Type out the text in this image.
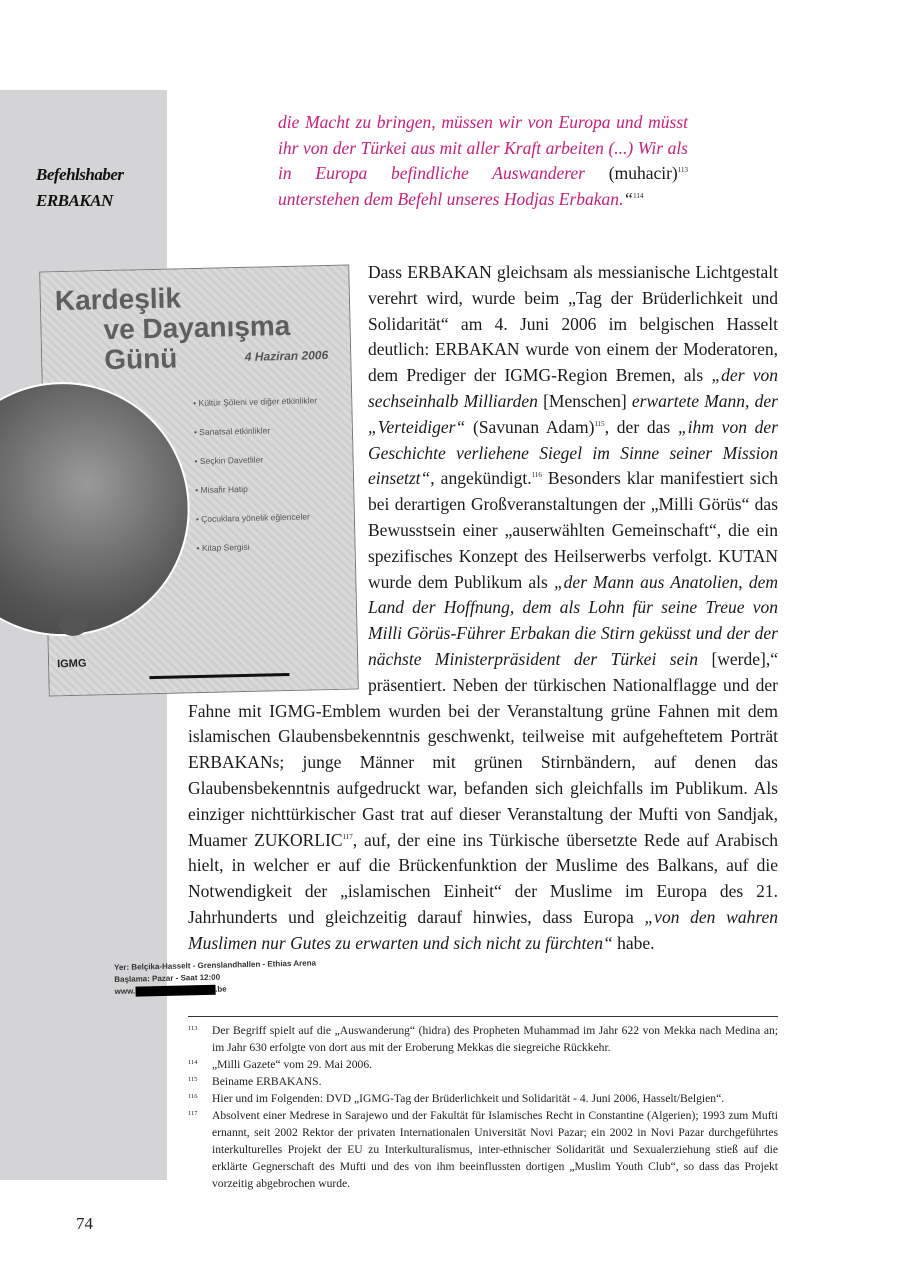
Befehlshaber
ERBAKAN
die Macht zu bringen, müssen wir von Europa und müsst ihr von der Türkei aus mit aller Kraft arbeiten (...) Wir als in Europa befindliche Auswanderer (muhacir)$^{113}$ unterstehen dem Befehl unseres Hodjas Erbakan.“$^{114}$
Kardeşlik
ve Dayanışma Günü	4 Haziran 2006
• Kültür Şöleni ve diğer etkinlikler
• Sanatsal etkinlikler
• Seçkin Davetliler
• Misafir Hatip
• Çocuklara yönelik eğlenceler
• Kitap Sergisi
Yer: Belçika-Hasselt - Grenslandhallen - Ethias Arena
Başlama: Pazar - Saat 12:00
www.	.be
IGMG
Dass ERBAKAN gleichsam als messianische Lichtgestalt verehrt wird, wurde beim „Tag der Brüderlichkeit und Solidarität“ am 4. Juni 2006 im belgischen Hasselt deutlich: ERBAKAN wurde von einem der Moderatoren, dem Prediger der IGMG-Region Bremen, als „der von sechseinhalb Milliarden [Menschen] erwartete Mann, der „Verteidiger“ (Savunan Adam)$^{115}$, der das „ihm von der Geschichte verliehene Siegel im Sinne seiner Mission einsetzt“, angekündigt.$^{116}$ Besonders klar manifestiert sich bei derartigen Großveranstaltungen der „Milli Görüs“ das Bewusstsein einer „auserwählten Gemeinschaft“, die ein spezifisches Konzept des Heilserwerbs verfolgt. KUTAN wurde dem Publikum als „der Mann aus Anatolien, dem Land der Hoffnung, dem als Lohn für seine Treue von Milli Görüs-Führer Erbakan die Stirn geküsst und der der nächste Ministerpräsident der Türkei sein [werde],“ präsentiert. Neben der türkischen Nationalflagge und der Fahne mit IGMG-Emblem wurden bei der Veranstaltung grüne Fahnen mit dem islamischen Glaubensbekenntnis geschwenkt, teilweise mit aufgeheftetem Porträt ERBAKANs; junge Männer mit grünen Stirnbändern, auf denen das Glaubensbekenntnis aufgedruckt war, befanden sich gleichfalls im Publikum. Als einziger nichttürkischer Gast trat auf dieser Veranstaltung der Mufti von Sandjak, Muamer ZUKORLIC$^{117}$, auf, der eine ins Türkische übersetzte Rede auf Arabisch hielt, in welcher er auf die Brückenfunktion der Muslime des Balkans, auf die Notwendigkeit der „islamischen Einheit“ der Muslime im Europa des 21. Jahrhunderts und gleichzeitig darauf hinwies, dass Europa „von den wahren Muslimen nur Gutes zu erwarten und sich nicht zu fürchten“ habe.

113 Der Begriff spielt auf die „Auswanderung“ (hidra) des Propheten Muhammad im Jahr 622 von Mekka nach Medina an; im Jahr 630 erfolgte von dort aus mit der Eroberung Mekkas die siegreiche Rückkehr.

114 „Milli Gazete“ vom 29. Mai 2006.

115 Beiname ERBAKANS.

116 Hier und im Folgenden: DVD „IGMG-Tag der Brüderlichkeit und Solidarität - 4. Juni 2006, Hasselt/Belgien“.

117 Absolvent einer Medrese in Sarajewo und der Fakultät für Islamisches Recht in Constantine (Algerien); 1993 zum Mufti ernannt, seit 2002 Rektor der privaten Internationalen Universität Novi Pazar; ein 2002 in Novi Pazar durchgeführtes interkulturelles Projekt der EU zu Interkulturalismus, inter-ethnischer Solidarität und Sexualerziehung stieß auf die erklärte Gegnerschaft des Mufti und des von ihm beeinflussten dortigen „Muslim Youth Club“, so dass das Projekt vorzeitig abgebrochen wurde.

74
